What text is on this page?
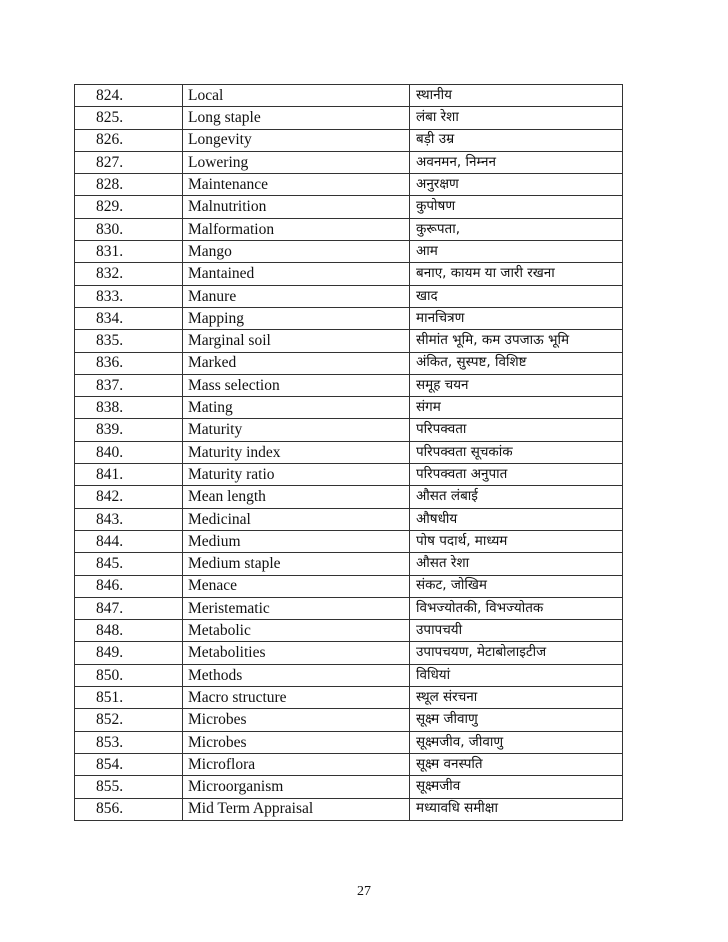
824.	Local	स्थानीय
825.	Long staple	लंबा रेशा
826.	Longevity	बड़ी उम्र
827.	Lowering	अवनमन, निम्नन
828.	Maintenance	अनुरक्षण
829.	Malnutrition	कुपोषण
830.	Malformation	कुरूपता,
831.	Mango	आम
832.	Mantained	बनाए, कायम या जारी रखना
833.	Manure	खाद
834.	Mapping	मानचित्रण
835.	Marginal soil	सीमांत भूमि, कम उपजाऊ भूमि
836.	Marked	अंकित, सुस्पष्ट, विशिष्ट
837.	Mass selection	समूह चयन
838.	Mating	संगम
839.	Maturity	परिपक्वता
840.	Maturity index	परिपक्वता सूचकांक
841.	Maturity ratio	परिपक्वता अनुपात
842.	Mean length	औसत लंबाई
843.	Medicinal	औषधीय
844.	Medium	पोष पदार्थ, माध्यम
845.	Medium staple	औसत रेशा
846.	Menace	संकट, जोखिम
847.	Meristematic	विभज्योतकी, विभज्योतक
848.	Metabolic	उपापचयी
849.	Metabolities	उपापचयण, मेटाबोलाइटीज
850.	Methods	विधियां
851.	Macro structure	स्थूल संरचना
852.	Microbes	सूक्ष्म जीवाणु
853.	Microbes	सूक्ष्मजीव, जीवाणु
854.	Microflora	सूक्ष्म वनस्पति
855.	Microorganism	सूक्ष्मजीव
856.	Mid Term Appraisal	मध्यावधि समीक्षा
27
